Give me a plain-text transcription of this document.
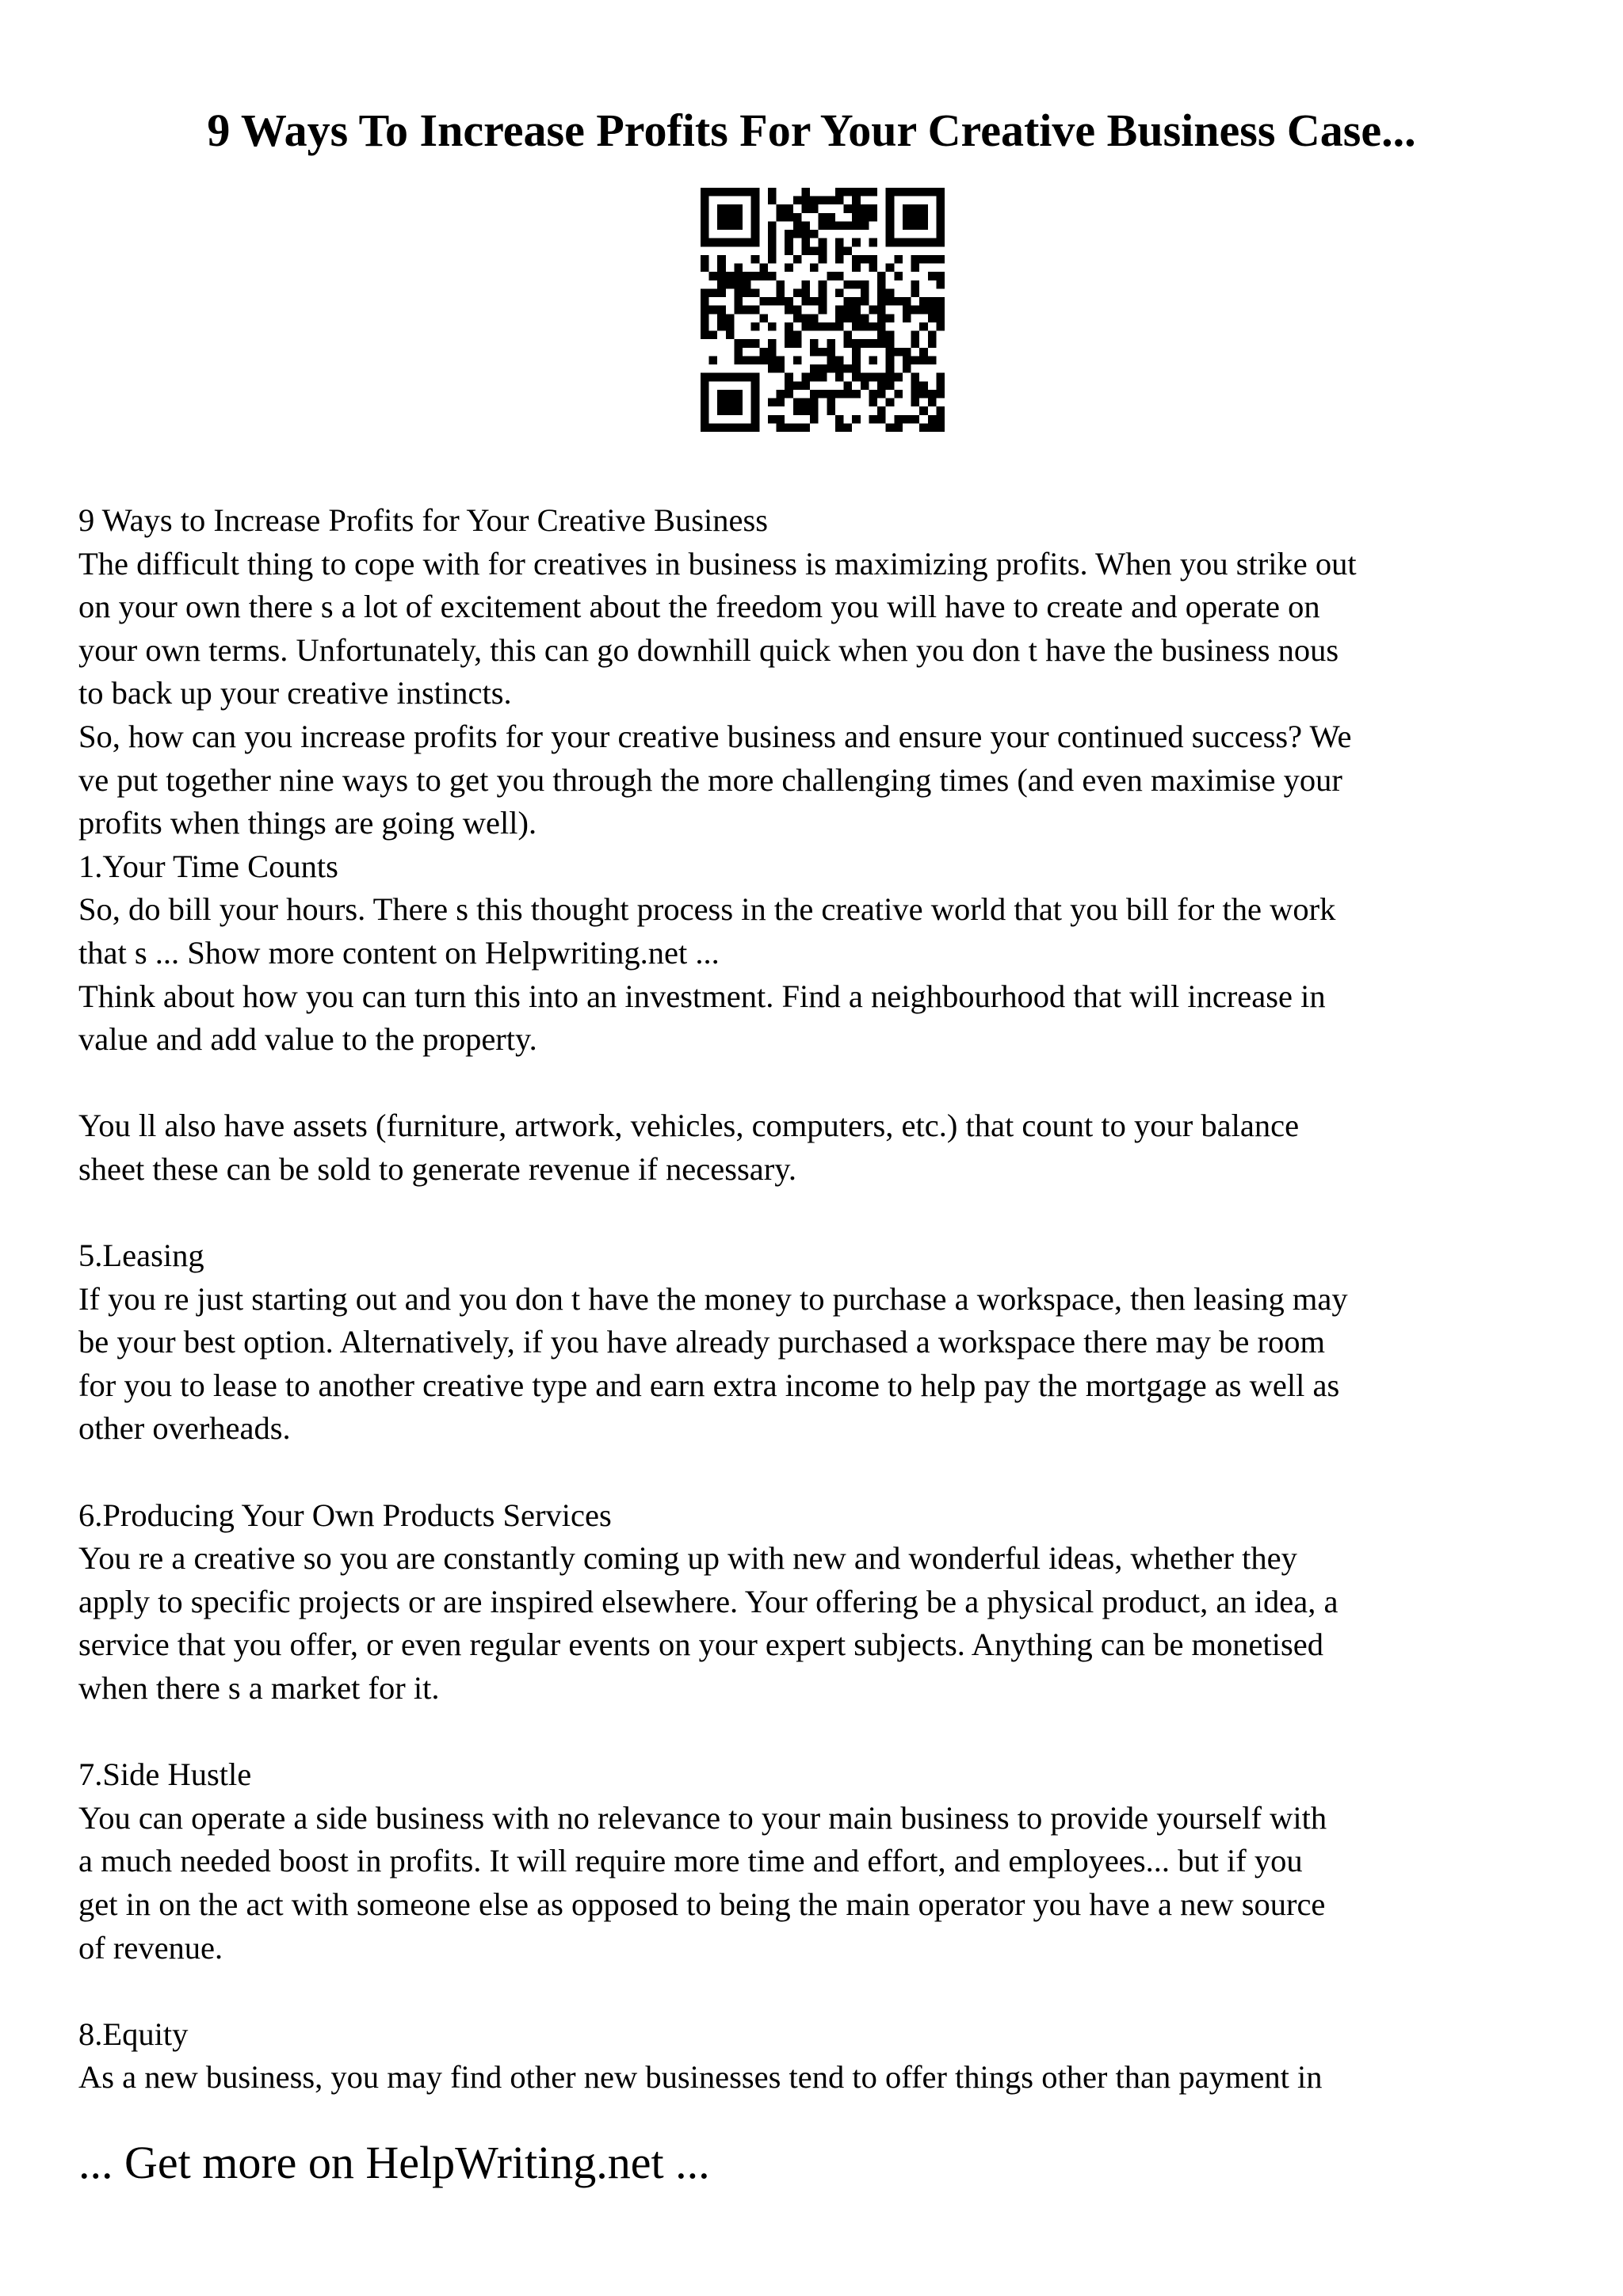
9 Ways To Increase Profits For Your Creative Business Case...
9 Ways to Increase Profits for Your Creative Business
The difficult thing to cope with for creatives in business is maximizing profits. When you strike out
on your own there s a lot of excitement about the freedom you will have to create and operate on
your own terms. Unfortunately, this can go downhill quick when you don t have the business nous
to back up your creative instincts.
So, how can you increase profits for your creative business and ensure your continued success? We
ve put together nine ways to get you through the more challenging times (and even maximise your
profits when things are going well).
1.Your Time Counts
So, do bill your hours. There s this thought process in the creative world that you bill for the work
that s ... Show more content on Helpwriting.net ...
Think about how you can turn this into an investment. Find a neighbourhood that will increase in
value and add value to the property.
You ll also have assets (furniture, artwork, vehicles, computers, etc.) that count to your balance
sheet these can be sold to generate revenue if necessary.
5.Leasing
If you re just starting out and you don t have the money to purchase a workspace, then leasing may
be your best option. Alternatively, if you have already purchased a workspace there may be room
for you to lease to another creative type and earn extra income to help pay the mortgage as well as
other overheads.
6.Producing Your Own Products Services
You re a creative so you are constantly coming up with new and wonderful ideas, whether they
apply to specific projects or are inspired elsewhere. Your offering be a physical product, an idea, a
service that you offer, or even regular events on your expert subjects. Anything can be monetised
when there s a market for it.
7.Side Hustle
You can operate a side business with no relevance to your main business to provide yourself with
a much needed boost in profits. It will require more time and effort, and employees... but if you
get in on the act with someone else as opposed to being the main operator you have a new source
of revenue.
8.Equity
As a new business, you may find other new businesses tend to offer things other than payment in
... Get more on HelpWriting.net ...
